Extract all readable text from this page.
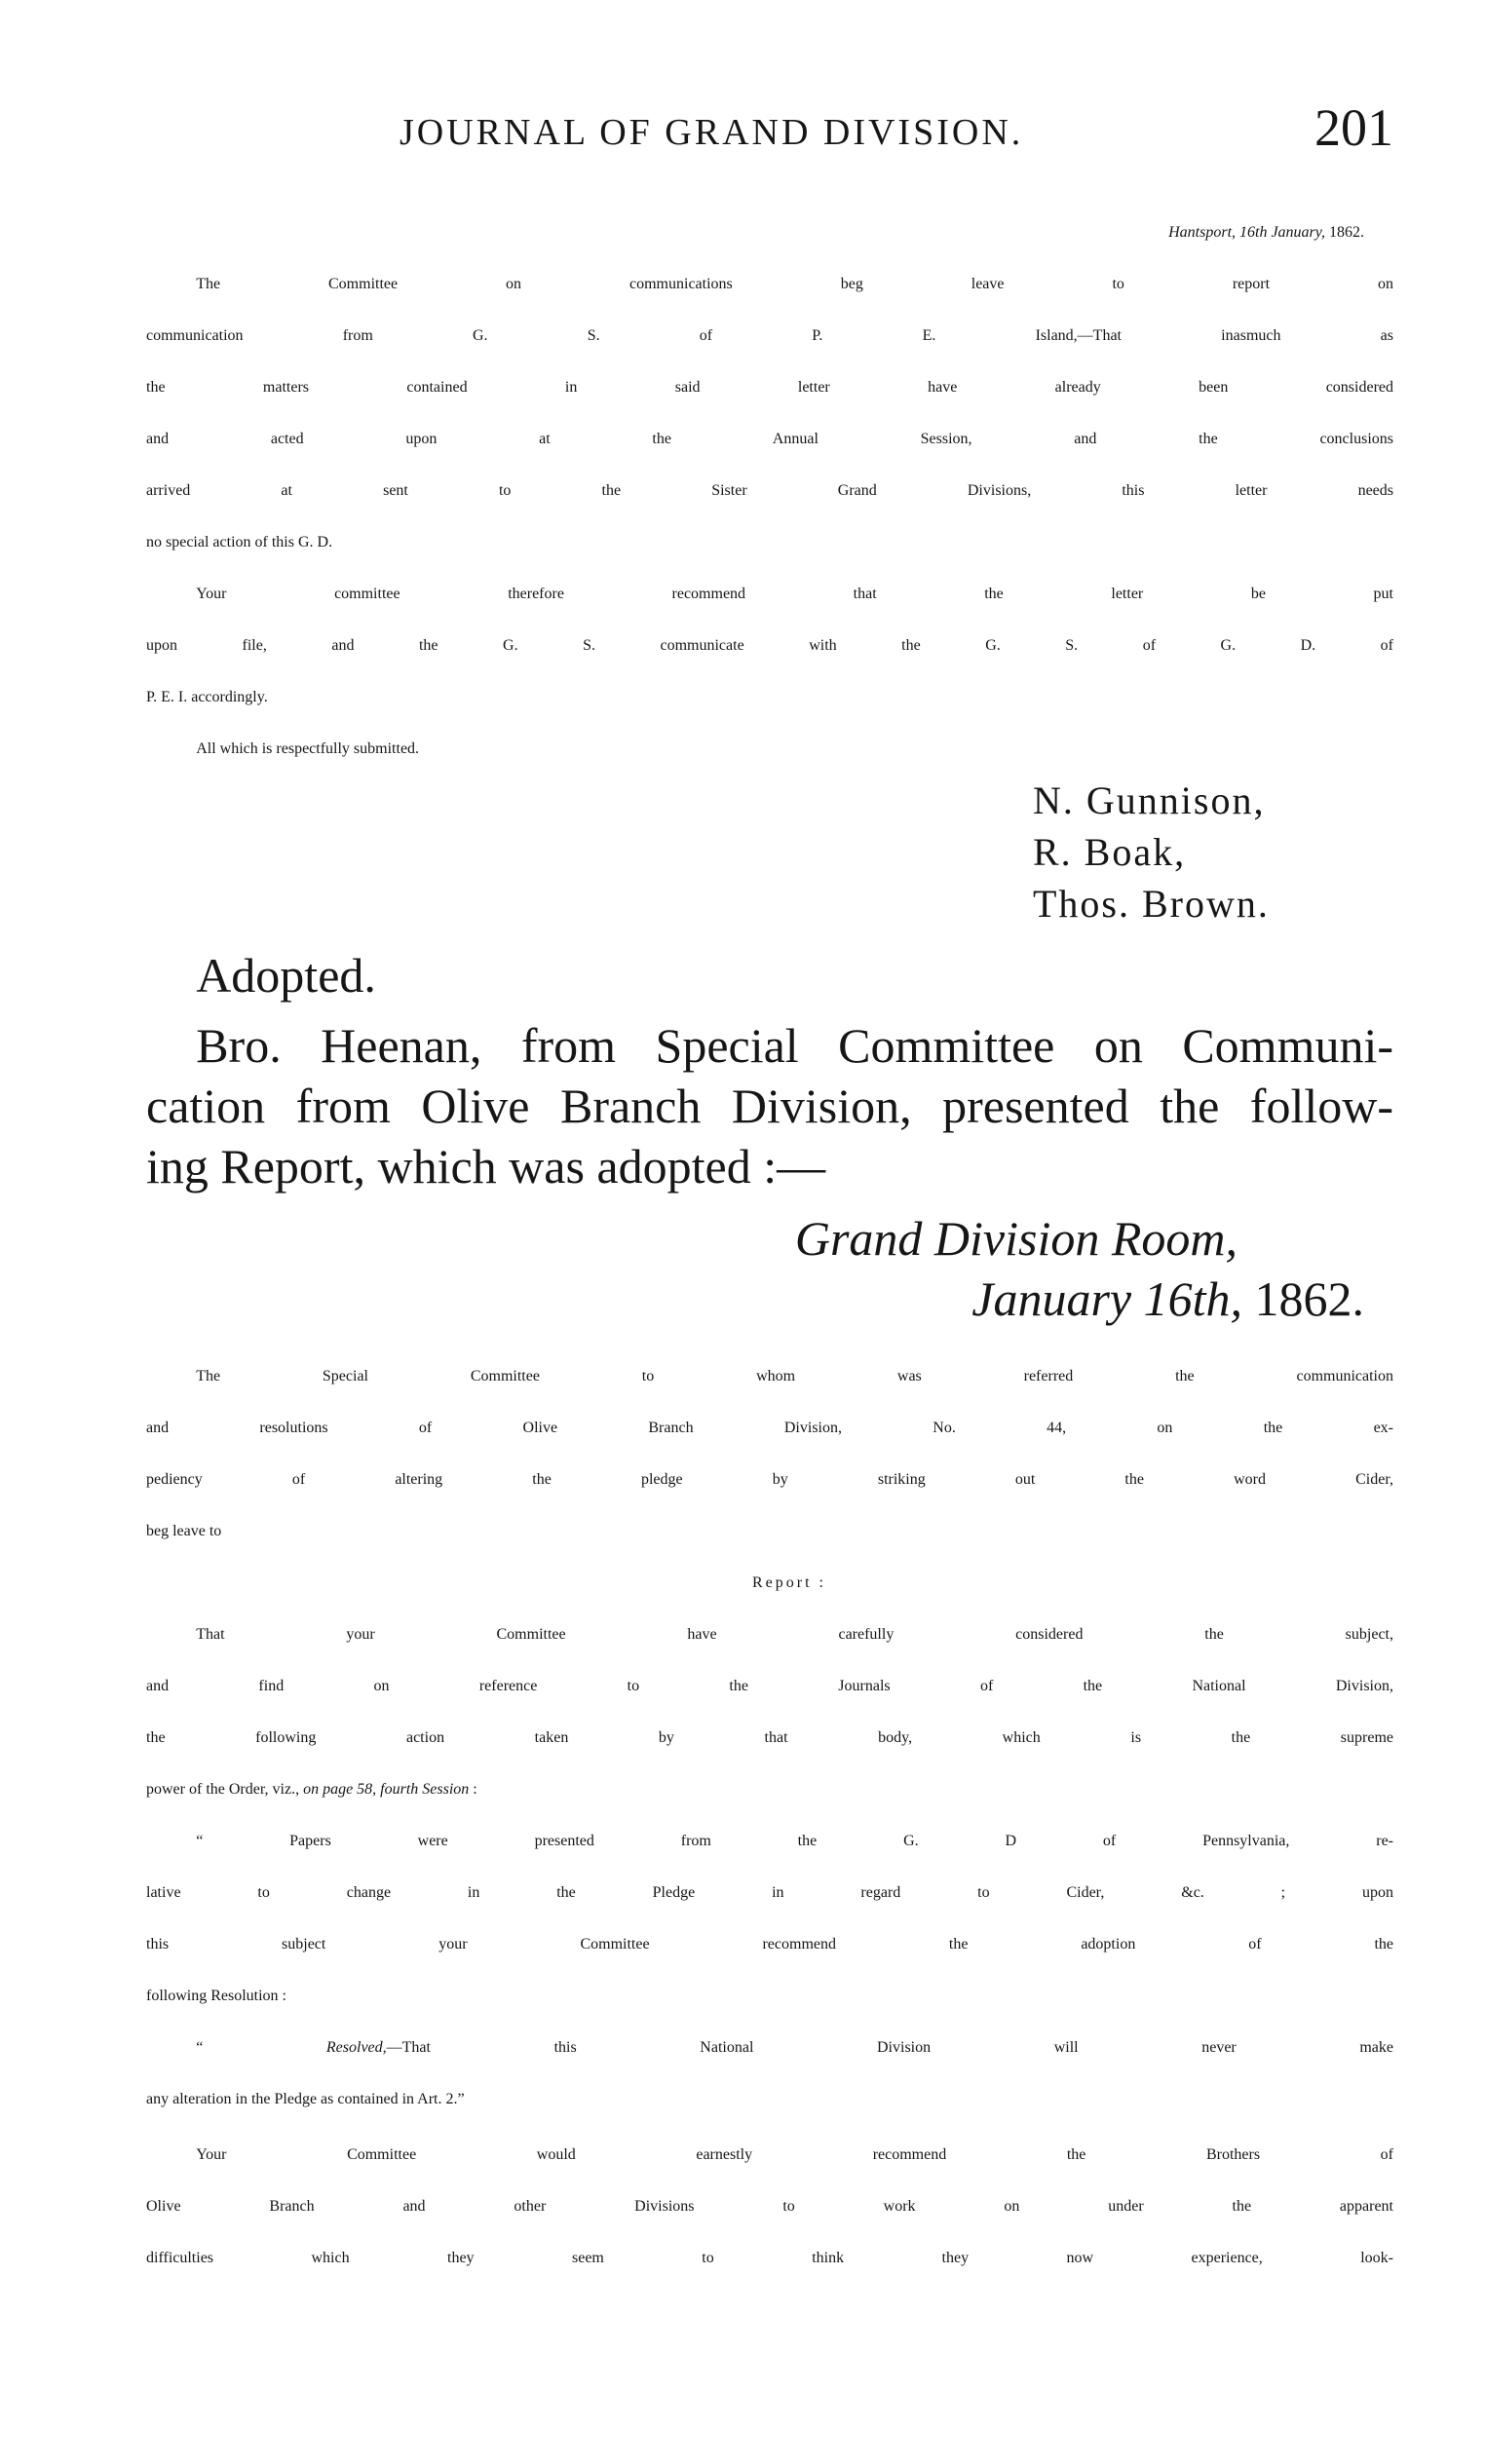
JOURNAL OF GRAND DIVISION.	201
Hantsport, 16th January, 1862.
The Committee on communications beg leave to report on
communication from G. S. of P. E. Island,—That inasmuch as
the matters contained in said letter have already been considered
and acted upon at the Annual Session, and the conclusions
arrived at sent to the Sister Grand Divisions, this letter needs
no special action of this G. D.
Your committee therefore recommend that the letter be put
upon file, and the G. S. communicate with the G. S. of G. D. of
P. E. I. accordingly.
All which is respectfully submitted.
N. Gunnison,
R. Boak,
Thos. Brown.
Adopted.
Bro. Heenan, from Special Committee on Communi-
cation from Olive Branch Division, presented the follow-
ing Report, which was adopted :—
Grand Division Room,
January 16th, 1862.
The Special Committee to whom was referred the communication
and resolutions of Olive Branch Division, No. 44, on the ex-
pediency of altering the pledge by striking out the word Cider,
beg leave to
Report :
That your Committee have carefully considered the subject,
and find on reference to the Journals of the National Division,
the following action taken by that body, which is the supreme
power of the Order, viz., on page 58, fourth Session :
“ Papers were presented from the G. D of Pennsylvania, re-
lative to change in the Pledge in regard to Cider, &c. ; upon
this subject your Committee recommend the adoption of the
following Resolution :
“ Resolved,—That this National Division will never make
any alteration in the Pledge as contained in Art. 2.”
Your Committee would earnestly recommend the Brothers of
Olive Branch and other Divisions to work on under the apparent
difficulties which they seem to think they now experience, look-
